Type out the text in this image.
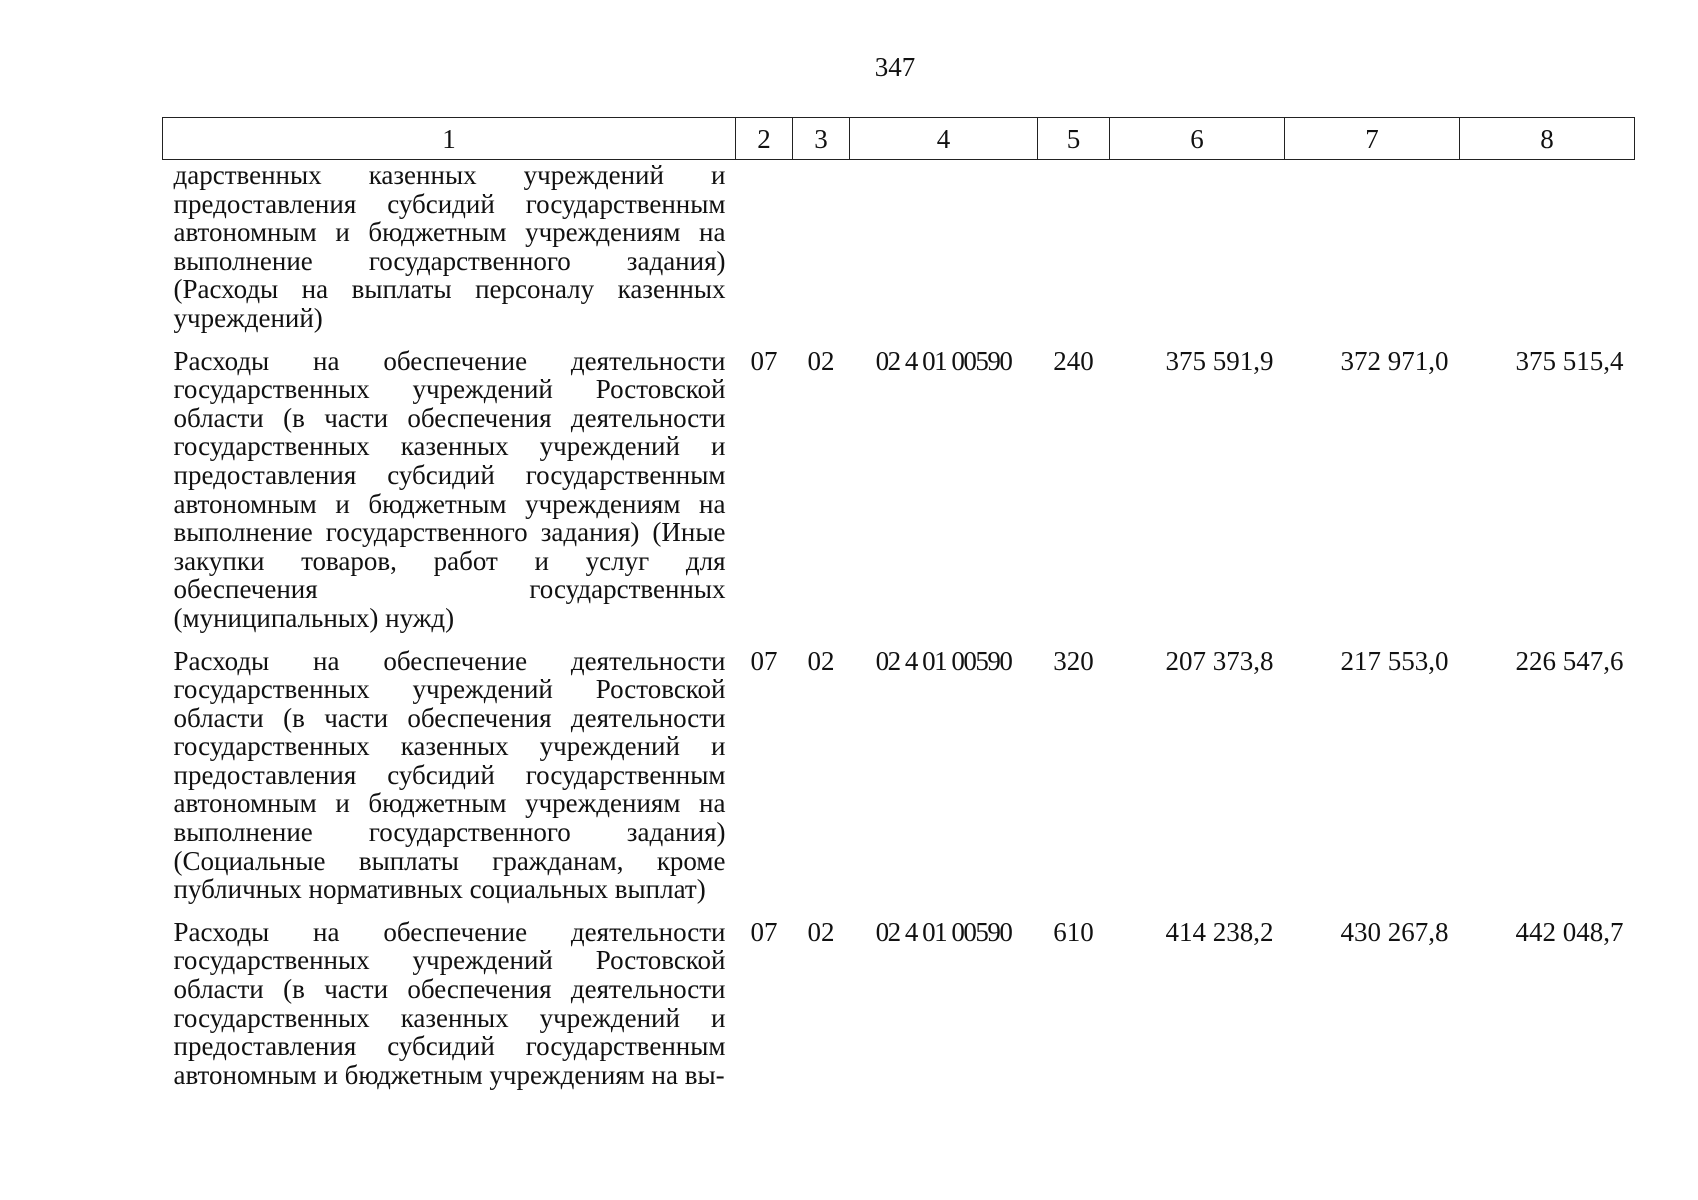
347
1	2	3	4	5	6	7	8

дарственных казенных учреждений и предоставления субсидий государственным автономным и бюджетным учреждениям на выполнение государственного задания) (Расходы на выплаты персоналу казенных учреждений)							

Расходы на обеспечение деятельности государственных учреждений Ростовской области (в части обеспечения деятельности государственных казенных учреждений и предоставления субсидий государственным автономным и бюджетным учреждениям на выполнение государственного задания) (Иные закупки товаров, работ и услуг для обеспечения государственных (муниципальных) нужд)	07	02	02 4 01 00590	240	375 591,9	372 971,0	375 515,4

Расходы на обеспечение деятельности государственных учреждений Ростовской области (в части обеспечения деятельности государственных казенных учреждений и предоставления субсидий государственным автономным и бюджетным учреждениям на выполнение государственного задания) (Социальные выплаты гражданам, кроме публичных нормативных социальных выплат)	07	02	02 4 01 00590	320	207 373,8	217 553,0	226 547,6

Расходы на обеспечение деятельности государственных учреждений Ростовской области (в части обеспечения деятельности государственных казенных учреждений и предоставления субсидий государственным автономным и бюджетным учреждениям на вы-	07	02	02 4 01 00590	610	414 238,2	430 267,8	442 048,7
